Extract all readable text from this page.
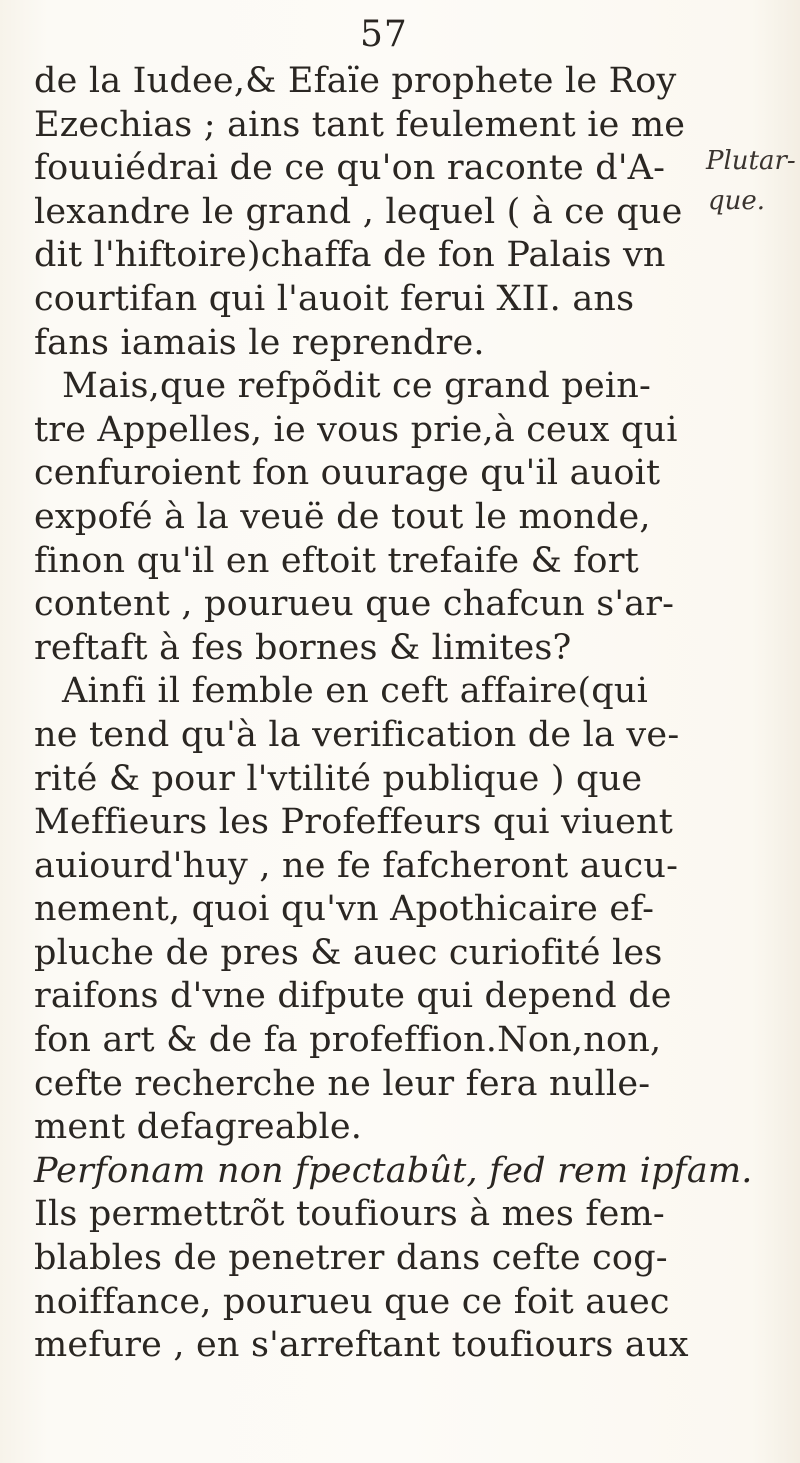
57
de la Iudee,& Efaïe prophete le Roy
Ezechias ; ains tant feulement ie me
fouuiédrai de ce qu'on raconte d'A-
lexandre le grand , lequel ( à ce que
dit l'hiftoire)chaffa de fon Palais vn
courtifan qui l'auoit ferui XII. ans
fans iamais le reprendre.
Mais,que refpõdit ce grand pein-
tre Appelles, ie vous prie,à ceux qui
cenfuroient fon ouurage qu'il auoit
expofé à la veuë de tout le monde,
finon qu'il en eftoit trefaife & fort
content , pourueu que chafcun s'ar-
reftaft à fes bornes & limites?
Ainfi il femble en ceft affaire(qui
ne tend qu'à la verification de la ve-
rité & pour l'vtilité publique ) que
Meffieurs les Profeffeurs qui viuent
auiourd'huy , ne fe fafcheront aucu-
nement, quoi qu'vn Apothicaire ef-
pluche de pres & auec curiofité les
raifons d'vne difpute qui depend de
fon art & de fa profeffion.Non,non,
cefte recherche ne leur fera nulle-
ment defagreable.
Perfonam non fpectabût, fed rem ipfam.
Ils permettrõt toufiours à mes fem-
blables de penetrer dans cefte cog-
noiffance, pourueu que ce foit auec
mefure , en s'arreftant toufiours aux
Plutar-
que.
